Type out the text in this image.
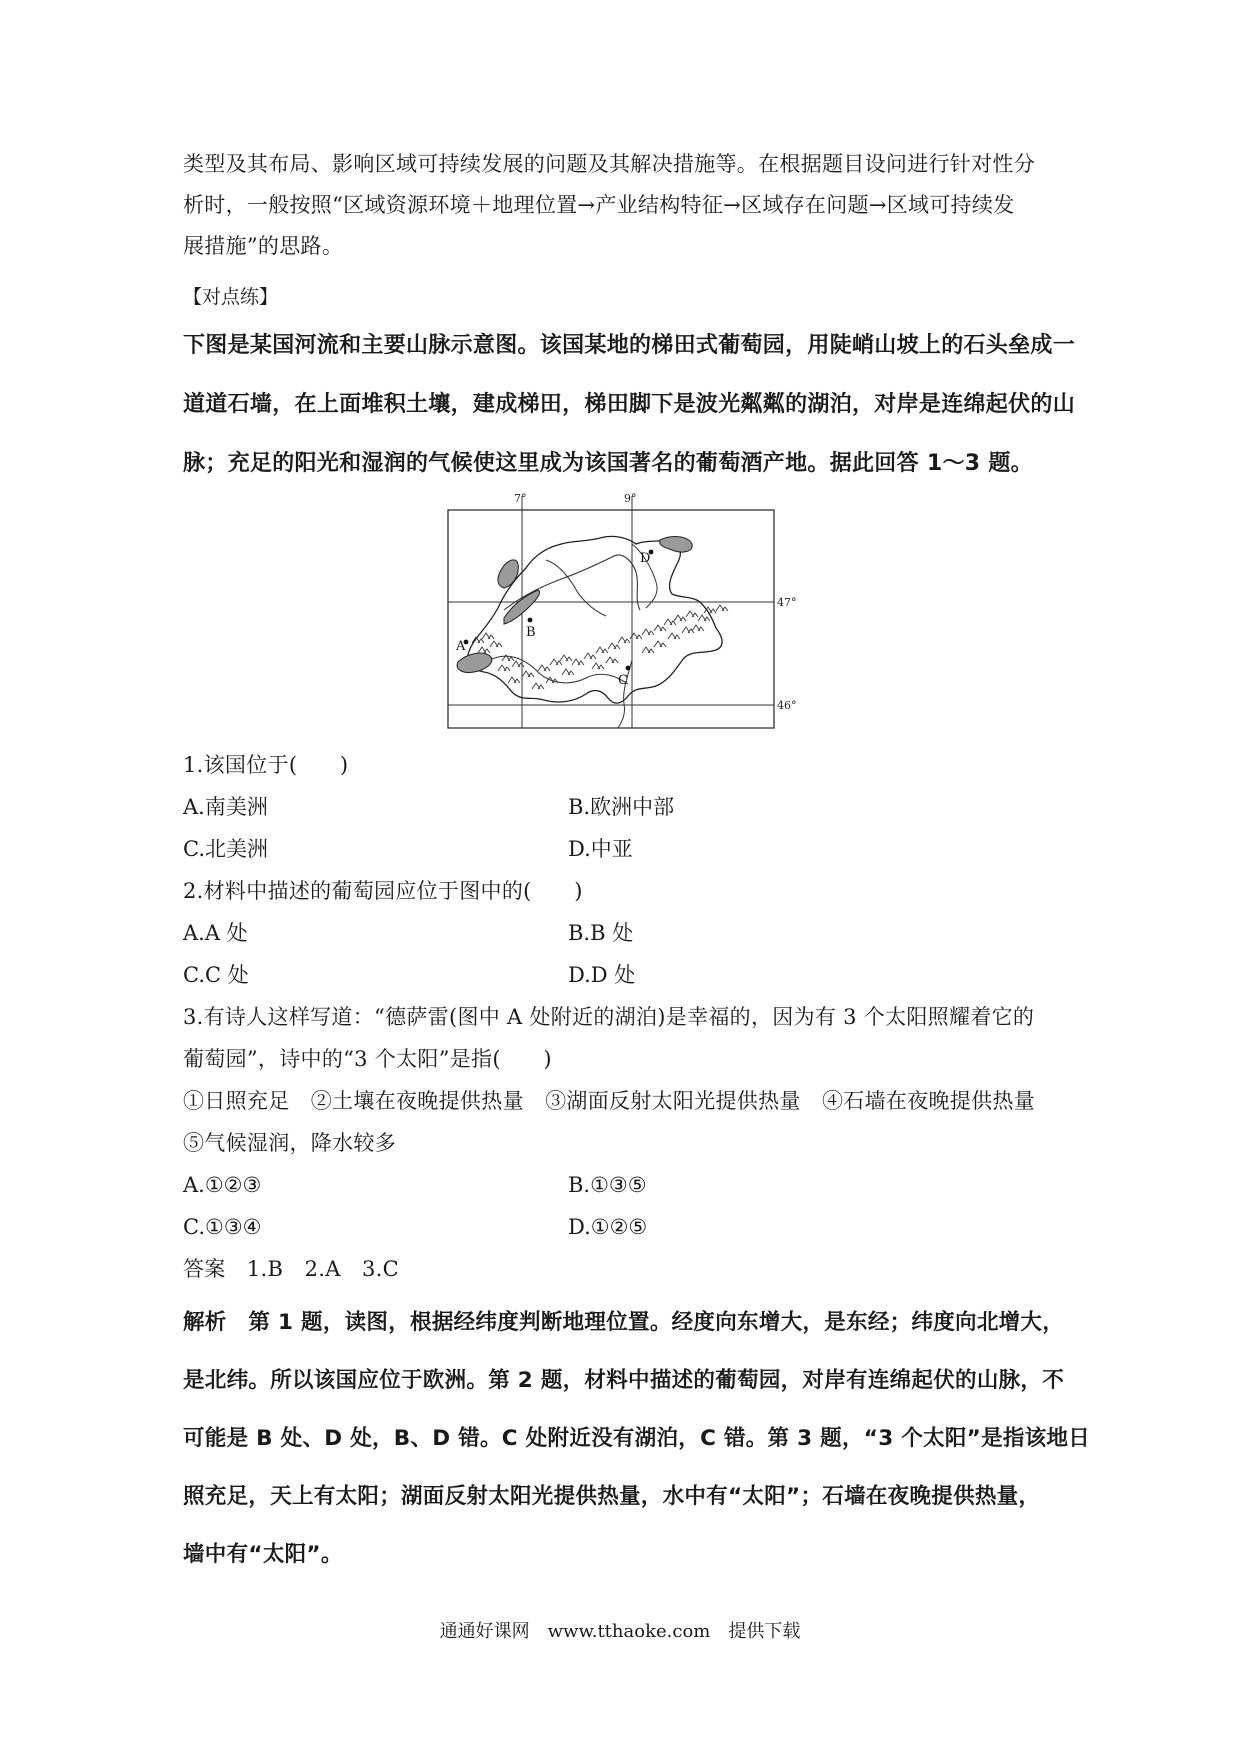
类型及其布局、影响区域可持续发展的问题及其解决措施等。在根据题目设问进行针对性分
析时，一般按照“区域资源环境＋地理位置→产业结构特征→区域存在问题→区域可持续发
展措施”的思路。
【对点练】
下图是某国河流和主要山脉示意图。该国某地的梯田式葡萄园，用陡峭山坡上的石头垒成一
道道石墙，在上面堆积土壤，建成梯田，梯田脚下是波光粼粼的湖泊，对岸是连绵起伏的山
脉；充足的阳光和湿润的气候使这里成为该国著名的葡萄酒产地。据此回答 1～3 题。
7°	9°
47°
46°
A
B
C
D
1.该国位于(　　)
A.南美洲	B.欧洲中部
C.北美洲	D.中亚
2.材料中描述的葡萄园应位于图中的(　　)
A.A 处	B.B 处
C.C 处	D.D 处
3.有诗人这样写道：“德萨雷(图中 A 处附近的湖泊)是幸福的，因为有 3 个太阳照耀着它的
葡萄园”，诗中的“3 个太阳”是指(　　)
①日照充足　②土壤在夜晚提供热量　③湖面反射太阳光提供热量　④石墙在夜晚提供热量
⑤气候湿润，降水较多
A.①②③	B.①③⑤
C.①③④	D.①②⑤
答案　1.B　2.A　3.C
解析　第 1 题，读图，根据经纬度判断地理位置。经度向东增大，是东经；纬度向北增大，
是北纬。所以该国应位于欧洲。第 2 题，材料中描述的葡萄园，对岸有连绵起伏的山脉，不
可能是 B 处、D 处，B、D 错。C 处附近没有湖泊，C 错。第 3 题，“3 个太阳”是指该地日
照充足，天上有太阳；湖面反射太阳光提供热量，水中有“太阳”；石墙在夜晚提供热量，
墙中有“太阳”。
通通好课网　www.tthaoke.com　提供下载
